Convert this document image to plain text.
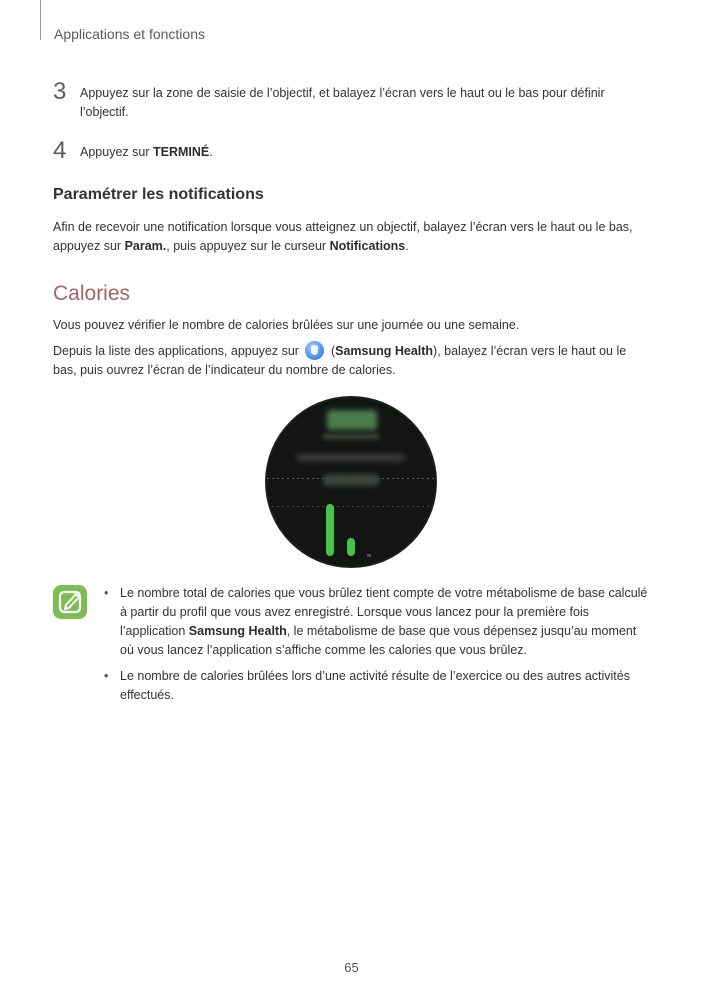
Applications et fonctions
3 Appuyez sur la zone de saisie de l’objectif, et balayez l’écran vers le haut ou le bas pour définir l’objectif.
4 Appuyez sur TERMINÉ.
Paramétrer les notifications
Afin de recevoir une notification lorsque vous atteignez un objectif, balayez l’écran vers le haut ou le bas, appuyez sur Param., puis appuyez sur le curseur Notifications.
Calories
Vous pouvez vérifier le nombre de calories brûlées sur une journée ou une semaine.
Depuis la liste des applications, appuyez sur  (Samsung Health), balayez l’écran vers le haut ou le bas, puis ouvrez l’écran de l’indicateur du nombre de calories.
• Le nombre total de calories que vous brûlez tient compte de votre métabolisme de base calculé à partir du profil que vous avez enregistré. Lorsque vous lancez pour la première fois l’application Samsung Health, le métabolisme de base que vous dépensez jusqu’au moment où vous lancez l’application s’affiche comme les calories que vous brûlez.
• Le nombre de calories brûlées lors d’une activité résulte de l’exercice ou des autres activités effectués.
65
